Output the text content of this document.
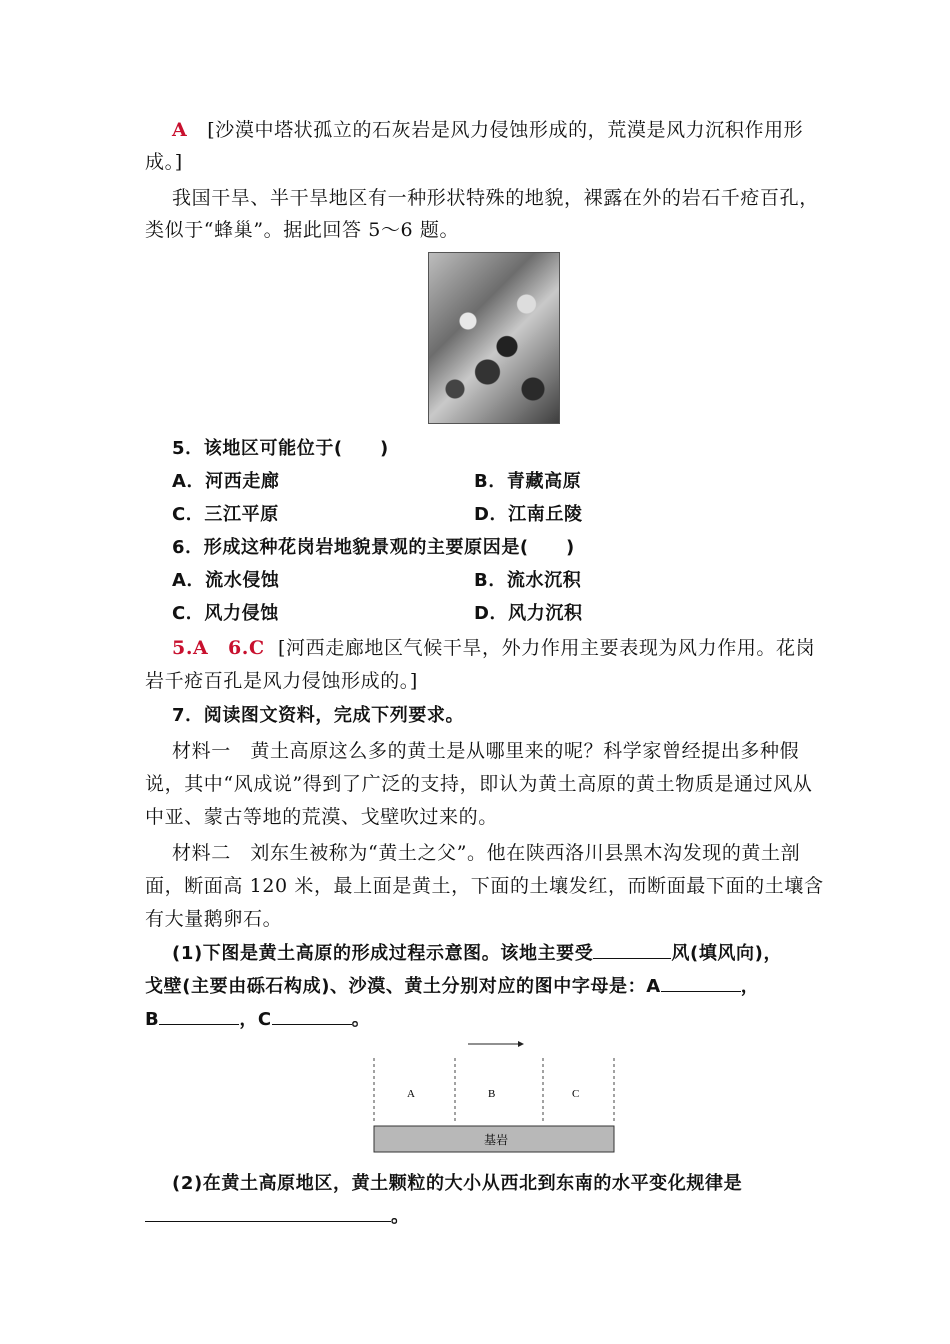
A [沙漠中塔状孤立的石灰岩是风力侵蚀形成的，荒漠是风力沉积作用形
成。]
我国干旱、半干旱地区有一种形状特殊的地貌，裸露在外的岩石千疮百孔，
类似于“蜂巢”。据此回答 5～6 题。
5．该地区可能位于(　　)
A．河西走廊	B．青藏高原
C．三江平原	D．江南丘陵
6．形成这种花岗岩地貌景观的主要原因是(　　)
A．流水侵蚀	B．流水沉积
C．风力侵蚀	D．风力沉积
5.A　6.C [河西走廊地区气候干旱，外力作用主要表现为风力作用。花岗
岩千疮百孔是风力侵蚀形成的。]
7．阅读图文资料，完成下列要求。
材料一　黄土高原这么多的黄土是从哪里来的呢？科学家曾经提出多种假
说，其中“风成说”得到了广泛的支持，即认为黄土高原的黄土物质是通过风从
中亚、蒙古等地的荒漠、戈壁吹过来的。
材料二　刘东生被称为“黄土之父”。他在陕西洛川县黑木沟发现的黄土剖
面，断面高 120 米，最上面是黄土，下面的土壤发红，而断面最下面的土壤含
有大量鹅卵石。
(1)下图是黄土高原的形成过程示意图。该地主要受	风(填风向)，
戈壁(主要由砾石构成)、沙漠、黄土分别对应的图中字母是：A	，
B	，C	。
A	B	C
基岩
(2)在黄土高原地区，黄土颗粒的大小从西北到东南的水平变化规律是
。
